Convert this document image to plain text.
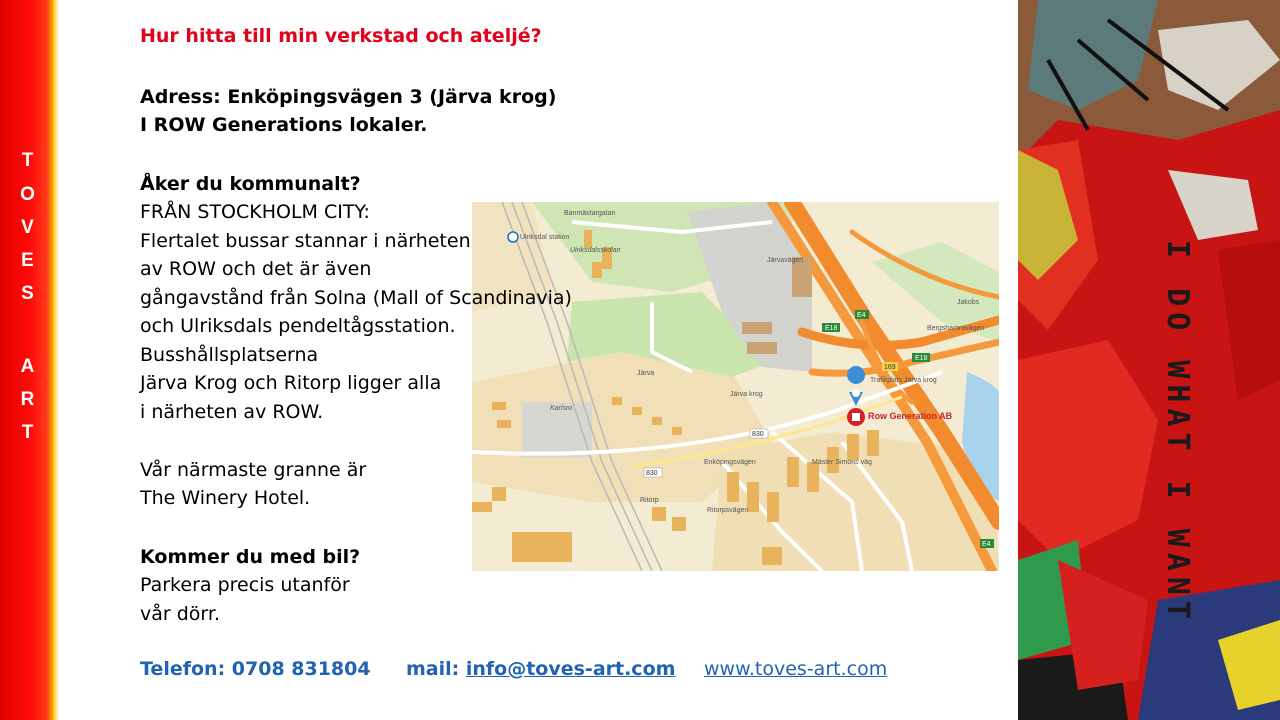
T
O
V
E
S
A
R
T
Hur hitta till min verkstad och ateljé?
Adress: Enköpingsvägen 3 (Järva krog)
I ROW Generations lokaler.
Åker du kommunalt?
FRÅN STOCKHOLM CITY:
Flertalet bussar stannar i närheten
av ROW och det är även
gångavstånd från Solna (Mall of Scandinavia)
och Ulriksdals pendeltågsstation.
Busshållsplatserna
Järva Krog och Ritorp ligger alla
i närheten av ROW.
Vår närmaste granne är
The Winery Hotel.
Kommer du med bil?
Parkera precis utanför
vår dörr.
Telefon: 0708 831804 mail: info@toves-art.com www.toves-art.com
Banmästargatan
Ulriksdal station
Ulriksdalsskolan
Järvavägen
Jakobs
Bergshamravägen
Järva
Järva krog
Trafikplats Järva krog
Karlsro
Enköpingsvägen	Mäster Simons väg
Ritorp
Ritorpsvägen
E18
E18
E4
E4
169
830
830
Row Generation AB	I DO WHAT I WANT
